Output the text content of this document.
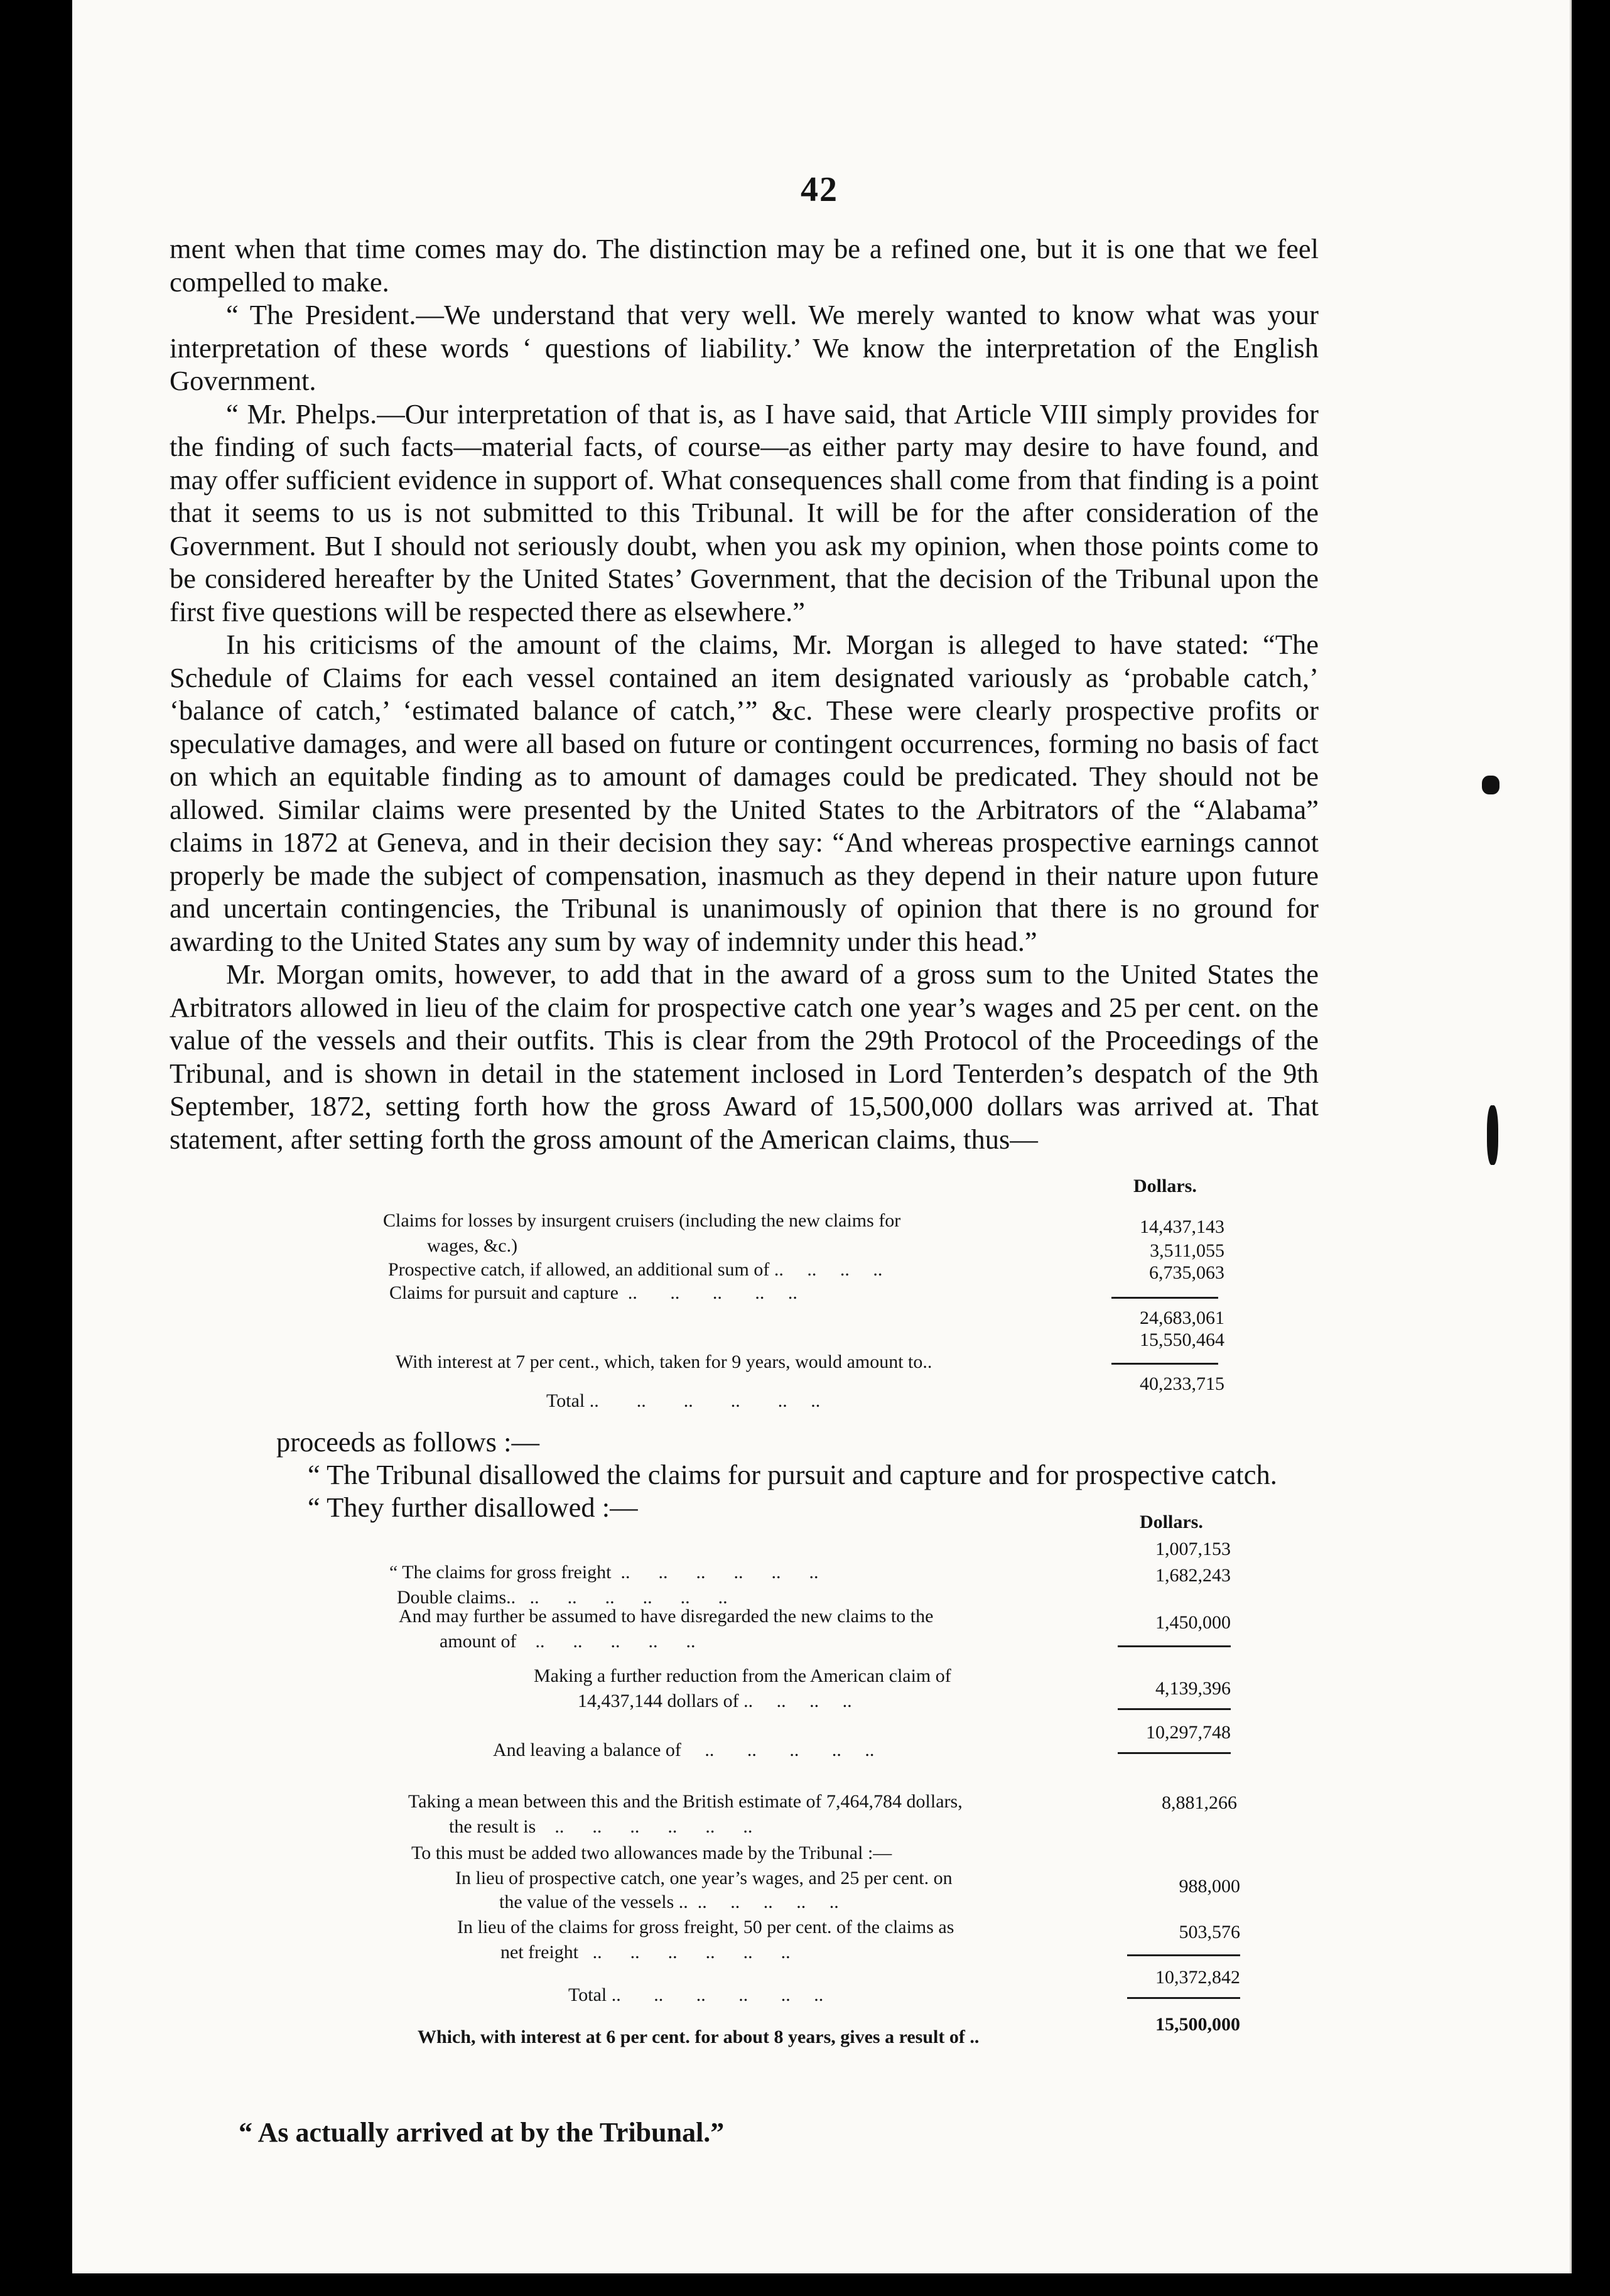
42

ment when that time comes may do. The distinction may be a refined one, but it is one that we feel compelled to make.

“ The President.—We understand that very well. We merely wanted to know what was your interpretation of these words ‘ questions of liability.’ We know the interpretation of the English Government.

“ Mr. Phelps.—Our interpretation of that is, as I have said, that Article VIII simply provides for the finding of such facts—material facts, of course—as either party may desire to have found, and may offer sufficient evidence in support of. What consequences shall come from that finding is a point that it seems to us is not submitted to this Tribunal. It will be for the after consideration of the Government. But I should not seriously doubt, when you ask my opinion, when those points come to be considered hereafter by the United States’ Government, that the decision of the Tribunal upon the first five questions will be respected there as elsewhere.”

In his criticisms of the amount of the claims, Mr. Morgan is alleged to have stated: “The Schedule of Claims for each vessel contained an item designated variously as ‘probable catch,’ ‘balance of catch,’ ‘estimated balance of catch,’” &c. These were clearly prospective profits or speculative damages, and were all based on future or contingent occurrences, forming no basis of fact on which an equitable finding as to amount of damages could be predicated. They should not be allowed. Similar claims were presented by the United States to the Arbitrators of the “Alabama” claims in 1872 at Geneva, and in their decision they say: “And whereas prospective earnings cannot properly be made the subject of compensation, inasmuch as they depend in their nature upon future and uncertain contingencies, the Tribunal is unanimously of opinion that there is no ground for awarding to the United States any sum by way of indemnity under this head.”

Mr. Morgan omits, however, to add that in the award of a gross sum to the United States the Arbitrators allowed in lieu of the claim for prospective catch one year’s wages and 25 per cent. on the value of the vessels and their outfits. This is clear from the 29th Protocol of the Proceedings of the Tribunal, and is shown in detail in the statement inclosed in Lord Tenterden’s despatch of the 9th September, 1872, setting forth how the gross Award of 15,500,000 dollars was arrived at. That statement, after setting forth the gross amount of the American claims, thus—

Dollars.
Claims for losses by insurgent cruisers (including the new claims for
wages, &c.)
14,437,143
Prospective catch, if allowed, an additional sum of ..     ..     ..     ..
3,511,055
Claims for pursuit and capture  ..       ..       ..       ..     ..
6,735,063
24,683,061
With interest at 7 per cent., which, taken for 9 years, would amount to..
15,550,464
Total ..        ..        ..        ..        ..     ..
40,233,715

proceeds as follows :—

“ The Tribunal disallowed the claims for pursuit and capture and for prospective catch.

“ They further disallowed :—	Dollars.
“ The claims for gross freight  ..      ..      ..      ..      ..      ..
1,007,153
Double claims..   ..      ..      ..      ..      ..      ..
1,682,243
And may further be assumed to have disregarded the new claims to the
amount of    ..      ..      ..      ..      ..
1,450,000
Making a further reduction from the American claim of
14,437,144 dollars of ..     ..     ..     ..
4,139,396
And leaving a balance of     ..       ..       ..       ..     ..
10,297,748
Taking a mean between this and the British estimate of 7,464,784 dollars,
the result is    ..      ..      ..      ..      ..      ..
8,881,266
To this must be added two allowances made by the Tribunal :—
In lieu of prospective catch, one year’s wages, and 25 per cent. on
the value of the vessels ..  ..     ..     ..     ..     ..
988,000
In lieu of the claims for gross freight, 50 per cent. of the claims as
net freight   ..      ..      ..      ..      ..      ..
503,576
Total ..       ..       ..       ..       ..     ..
10,372,842
Which, with interest at 6 per cent. for about 8 years, gives a result of ..
15,500,000
“ As actually arrived at by the Tribunal.”
